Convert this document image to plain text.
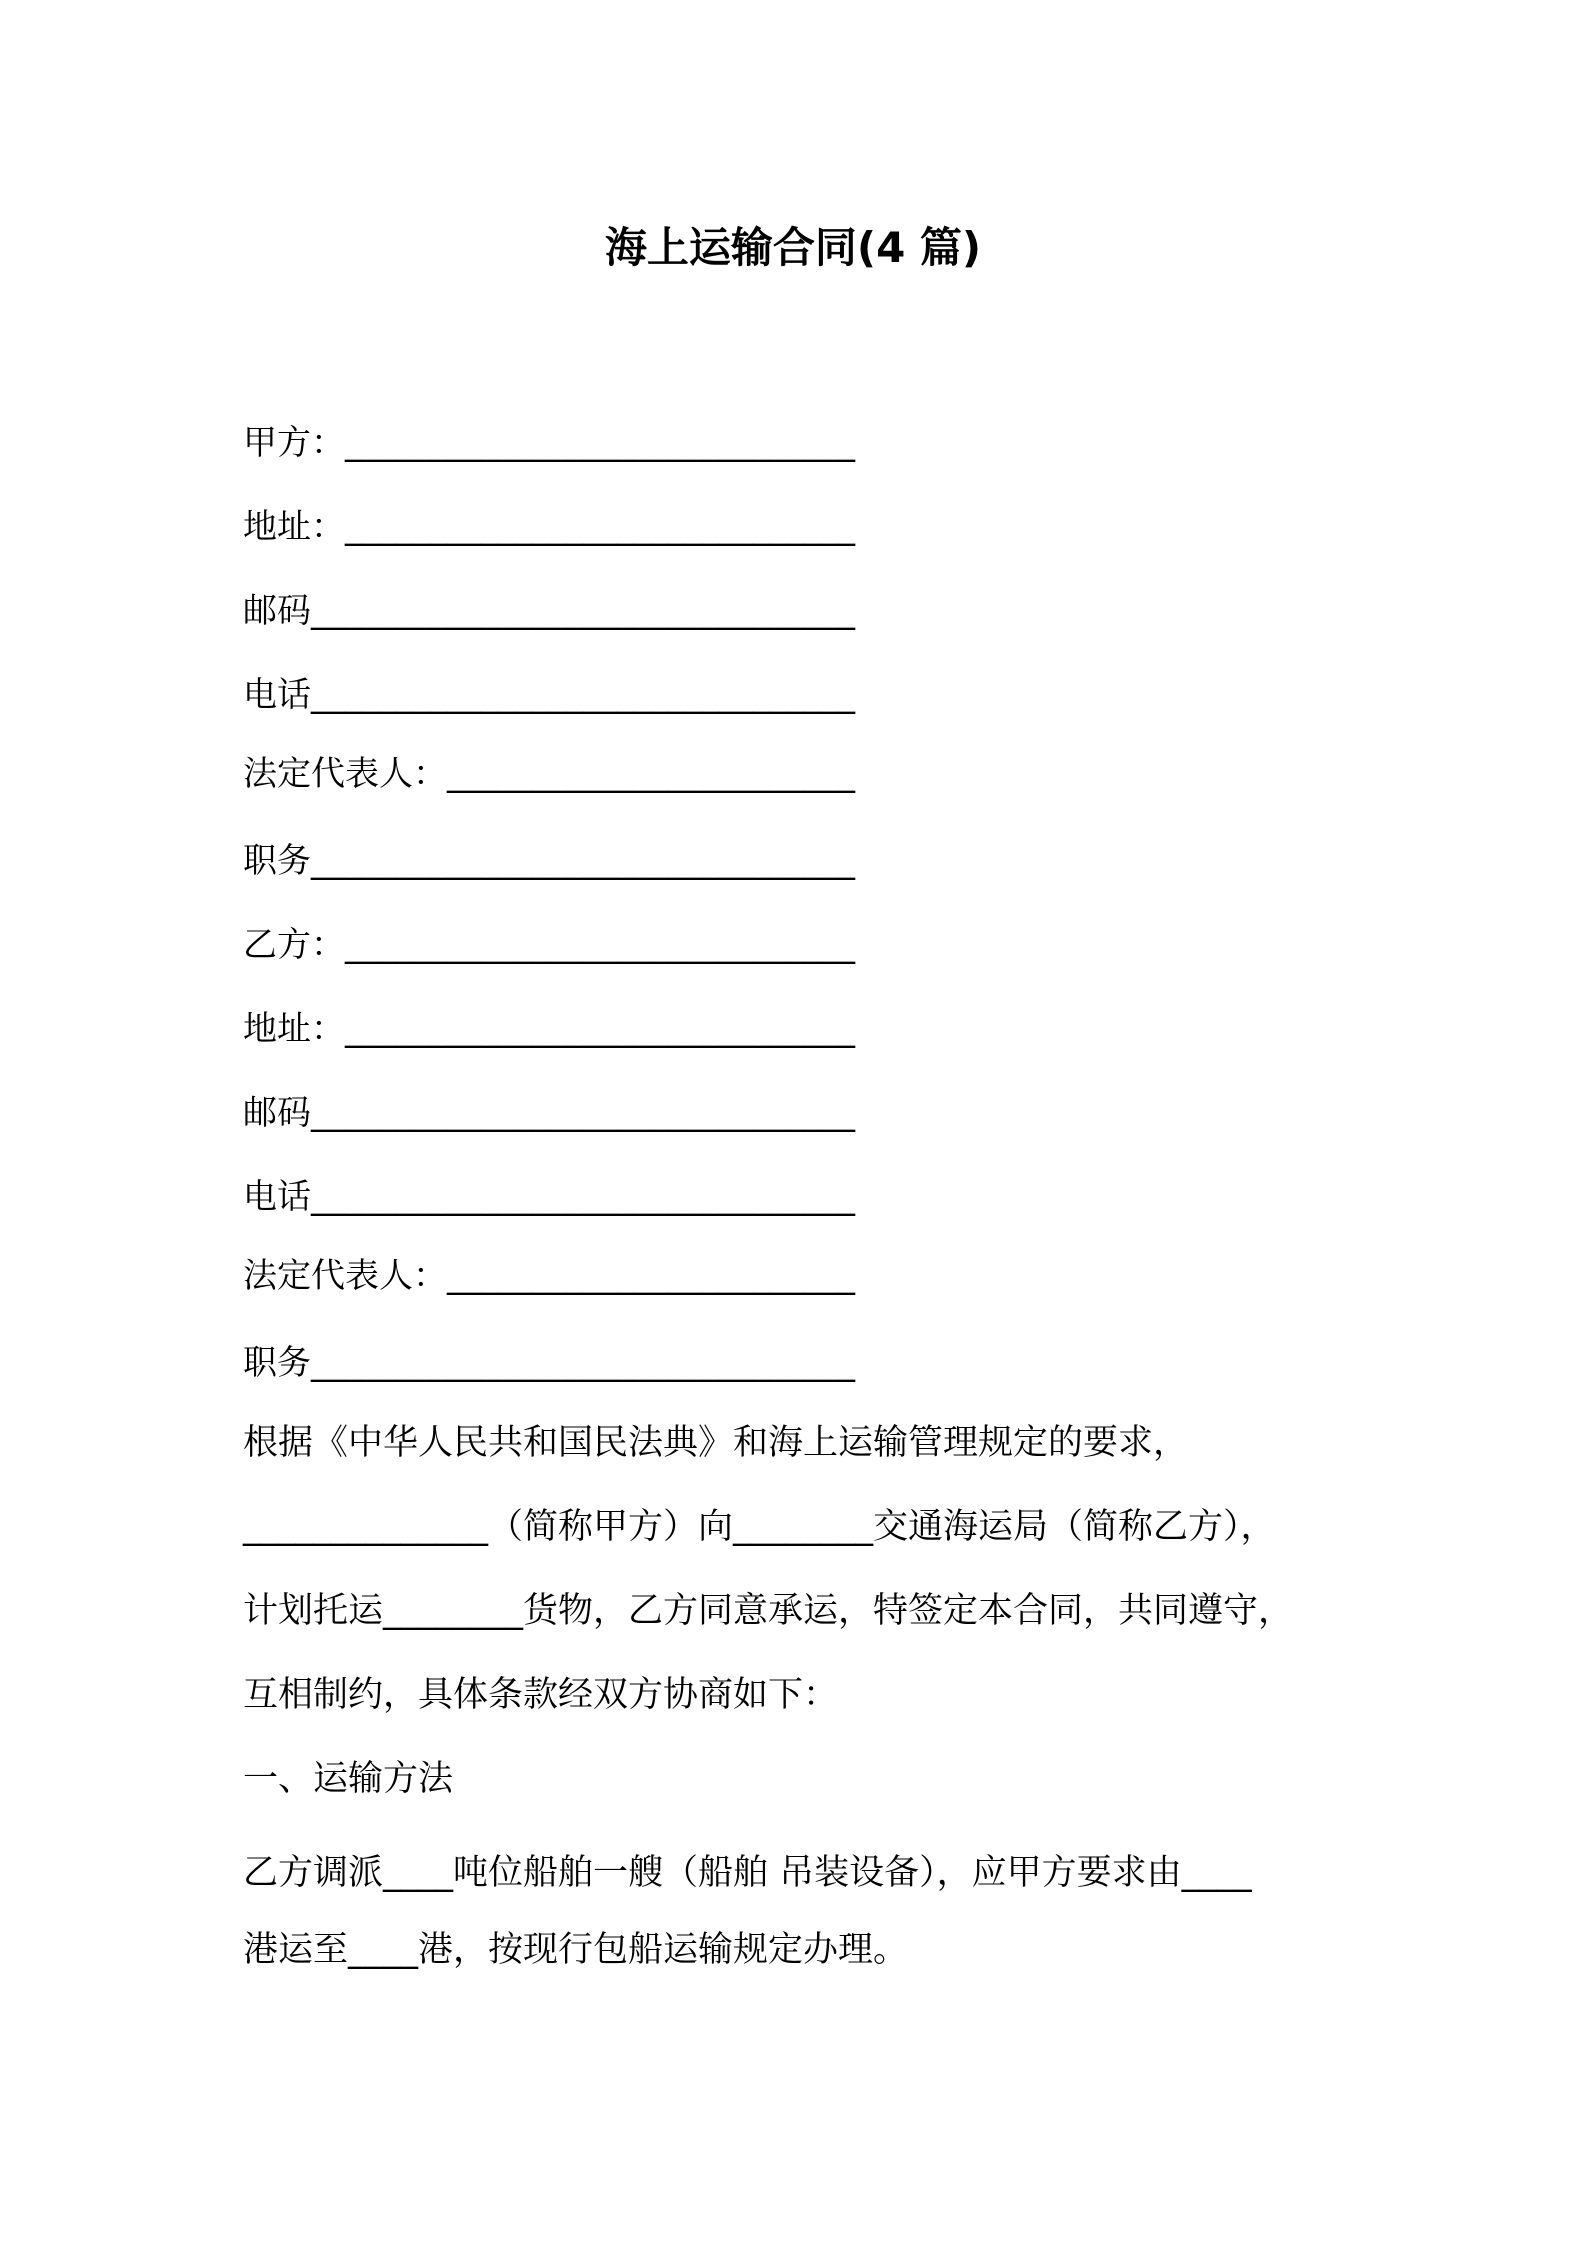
海上运输合同(4 篇)
甲方：______________________________
地址：______________________________
邮码________________________________
电话________________________________
法定代表人：________________________
职务________________________________
乙方：______________________________
地址：______________________________
邮码________________________________
电话________________________________
法定代表人：________________________
职务________________________________
根据《中华人民共和国民法典》和海上运输管理规定的要求，
______________（简称甲方）向________交通海运局（简称乙方），
计划托运________货物，乙方同意承运，特签定本合同，共同遵守，
互相制约，具体条款经双方协商如下：
一、运输方法
乙方调派____吨位船舶一艘（船舶 吊装设备），应甲方要求由____
港运至____港，按现行包船运输规定办理。
